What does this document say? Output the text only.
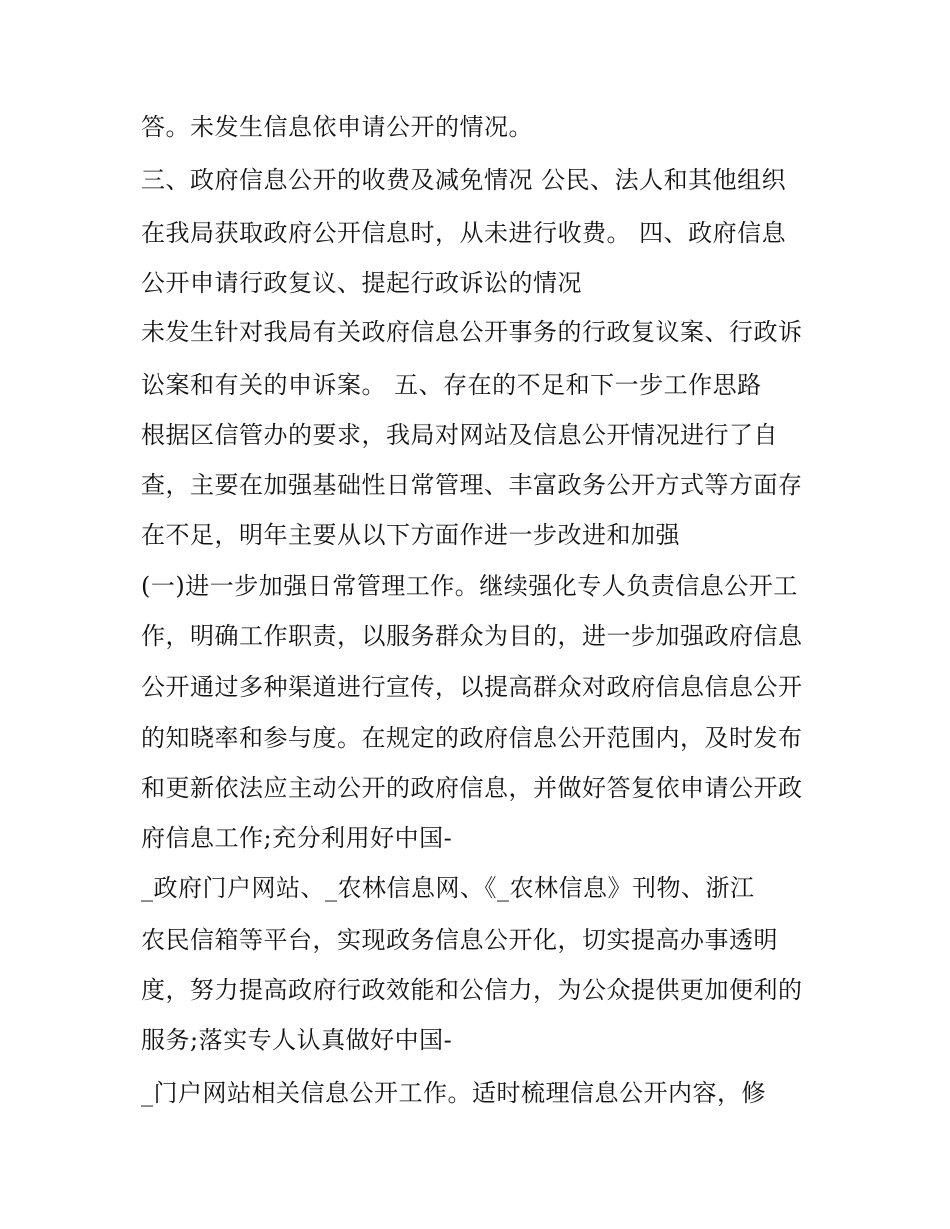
答。未发生信息依申请公开的情况。
三、政府信息公开的收费及减免情况 公民、法人和其他组织
在我局获取政府公开信息时，从未进行收费。 四、政府信息
公开申请行政复议、提起行政诉讼的情况
未发生针对我局有关政府信息公开事务的行政复议案、行政诉
讼案和有关的申诉案。 五、存在的不足和下一步工作思路
根据区信管办的要求，我局对网站及信息公开情况进行了自
查，主要在加强基础性日常管理、丰富政务公开方式等方面存
在不足，明年主要从以下方面作进一步改进和加强
(一)进一步加强日常管理工作。继续强化专人负责信息公开工
作，明确工作职责，以服务群众为目的，进一步加强政府信息
公开通过多种渠道进行宣传，以提高群众对政府信息信息公开
的知晓率和参与度。在规定的政府信息公开范围内，及时发布
和更新依法应主动公开的政府信息，并做好答复依申请公开政
府信息工作;充分利用好中国-
_政府门户网站、_农林信息网、《_农林信息》刊物、浙江
农民信箱等平台，实现政务信息公开化，切实提高办事透明
度，努力提高政府行政效能和公信力，为公众提供更加便利的
服务;落实专人认真做好中国-
_门户网站相关信息公开工作。适时梳理信息公开内容，修
